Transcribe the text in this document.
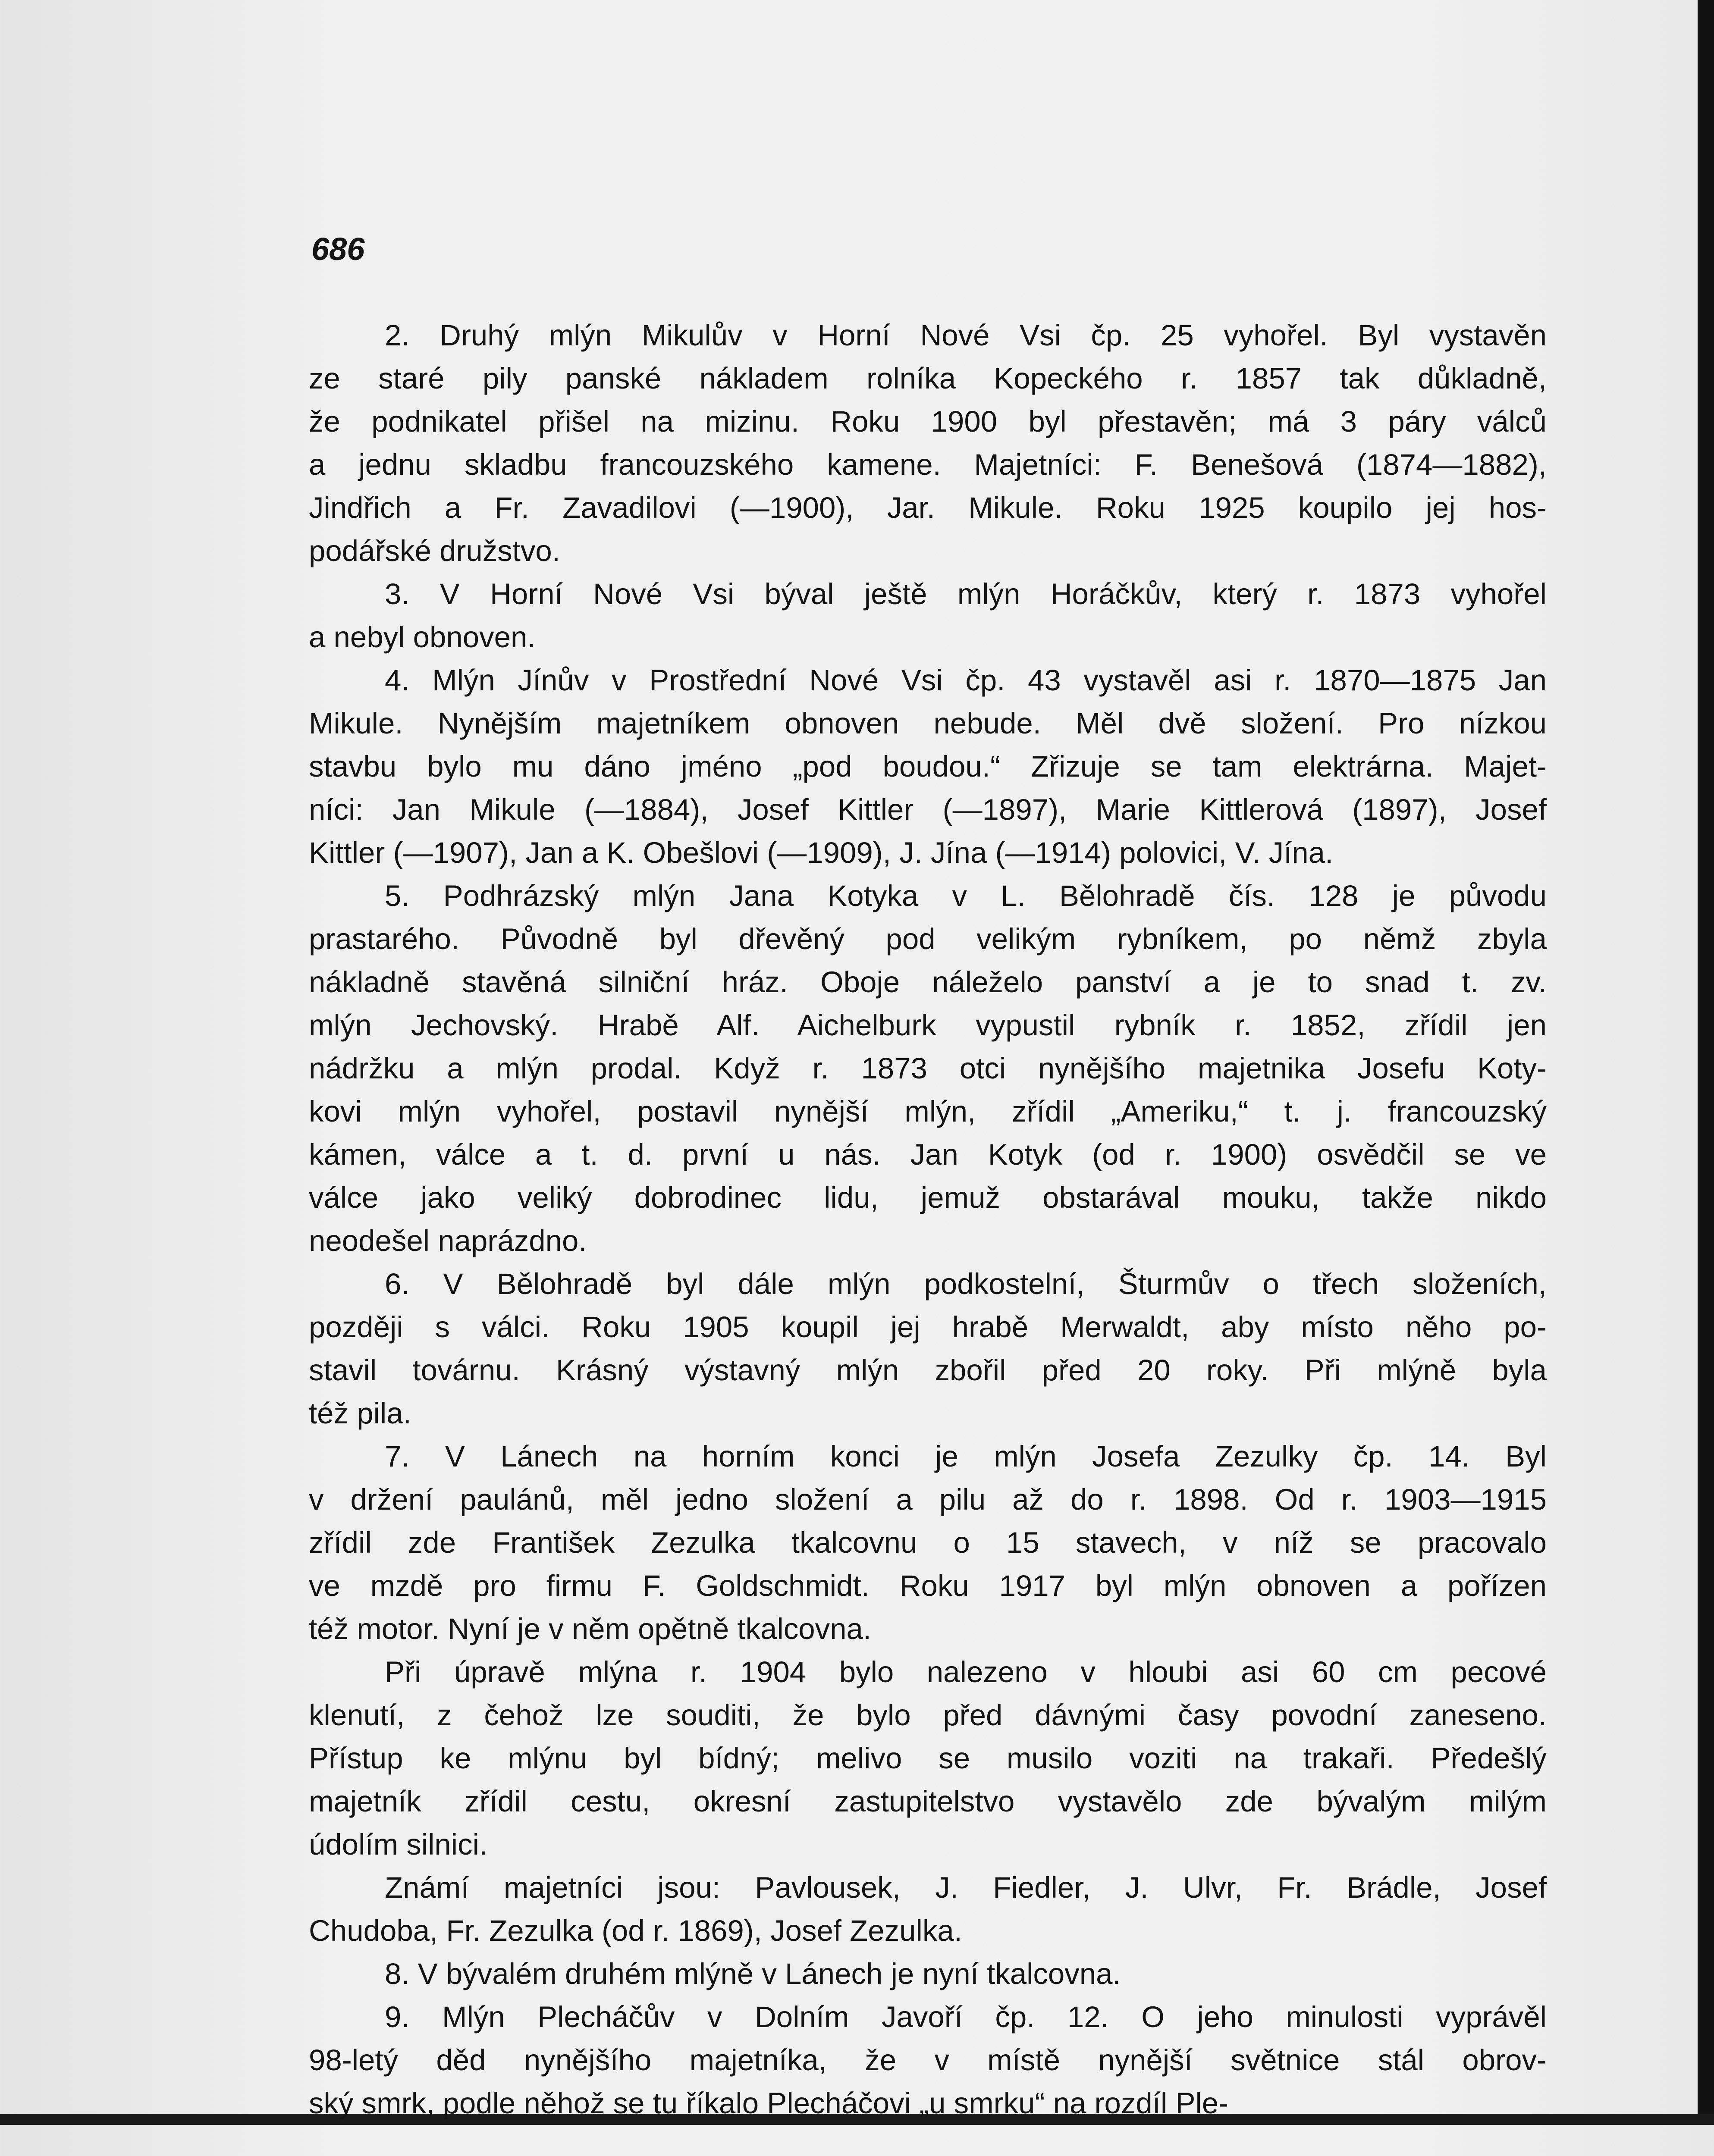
686
2. Druhý mlýn Mikulův v Horní Nové Vsi čp. 25 vyhořel. Byl vystavěn
ze staré pily panské nákladem rolníka Kopeckého r. 1857 tak důkladně,
že podnikatel přišel na mizinu. Roku 1900 byl přestavěn; má 3 páry válců
a jednu skladbu francouzského kamene. Majetníci: F. Benešová (1874—1882),
Jindřich a Fr. Zavadilovi (—1900), Jar. Mikule. Roku 1925 koupilo jej hos-
podářské družstvo.
3. V Horní Nové Vsi býval ještě mlýn Horáčkův, který r. 1873 vyhořel
a nebyl obnoven.
4. Mlýn Jínův v Prostřední Nové Vsi čp. 43 vystavěl asi r. 1870—1875 Jan
Mikule. Nynějším majetníkem obnoven nebude. Měl dvě složení. Pro nízkou
stavbu bylo mu dáno jméno „pod boudou.“ Zřizuje se tam elektrárna. Majet-
níci: Jan Mikule (—1884), Josef Kittler (—1897), Marie Kittlerová (1897), Josef
Kittler (—1907), Jan a K. Obešlovi (—1909), J. Jína (—1914) polovici, V. Jína.
5. Podhrázský mlýn Jana Kotyka v L. Bělohradě čís. 128 je původu
prastarého. Původně byl dřevěný pod velikým rybníkem, po němž zbyla
nákladně stavěná silniční hráz. Oboje náleželo panství a je to snad t. zv.
mlýn Jechovský. Hrabě Alf. Aichelburk vypustil rybník r. 1852, zřídil jen
nádržku a mlýn prodal. Když r. 1873 otci nynějšího majetnika Josefu Koty-
kovi mlýn vyhořel, postavil nynější mlýn, zřídil „Ameriku,“ t. j. francouzský
kámen, válce a t. d. první u nás. Jan Kotyk (od r. 1900) osvědčil se ve
válce jako veliký dobrodinec lidu, jemuž obstarával mouku, takže nikdo
neodešel naprázdno.
6. V Bělohradě byl dále mlýn podkostelní, Šturmův o třech složeních,
později s válci. Roku 1905 koupil jej hrabě Merwaldt, aby místo něho po-
stavil továrnu. Krásný výstavný mlýn zbořil před 20 roky. Při mlýně byla
též pila.
7. V Lánech na horním konci je mlýn Josefa Zezulky čp. 14. Byl
v držení paulánů, měl jedno složení a pilu až do r. 1898. Od r. 1903—1915
zřídil zde František Zezulka tkalcovnu o 15 stavech, v níž se pracovalo
ve mzdě pro firmu F. Goldschmidt. Roku 1917 byl mlýn obnoven a pořízen
též motor. Nyní je v něm opětně tkalcovna.
Při úpravě mlýna r. 1904 bylo nalezeno v hloubi asi 60 cm pecové
klenutí, z čehož lze souditi, že bylo před dávnými časy povodní zaneseno.
Přístup ke mlýnu byl bídný; melivo se musilo voziti na trakaři. Předešlý
majetník zřídil cestu, okresní zastupitelstvo vystavělo zde bývalým milým
údolím silnici.
Známí majetníci jsou: Pavlousek, J. Fiedler, J. Ulvr, Fr. Brádle, Josef
Chudoba, Fr. Zezulka (od r. 1869), Josef Zezulka.
8. V bývalém druhém mlýně v Lánech je nyní tkalcovna.
9. Mlýn Plecháčův v Dolním Javoří čp. 12. O jeho minulosti vyprávěl
98-letý děd nynějšího majetníka, že v místě nynější světnice stál obrov-
ský smrk, podle něhož se tu říkalo Plecháčovi „u smrku“ na rozdíl Ple-
